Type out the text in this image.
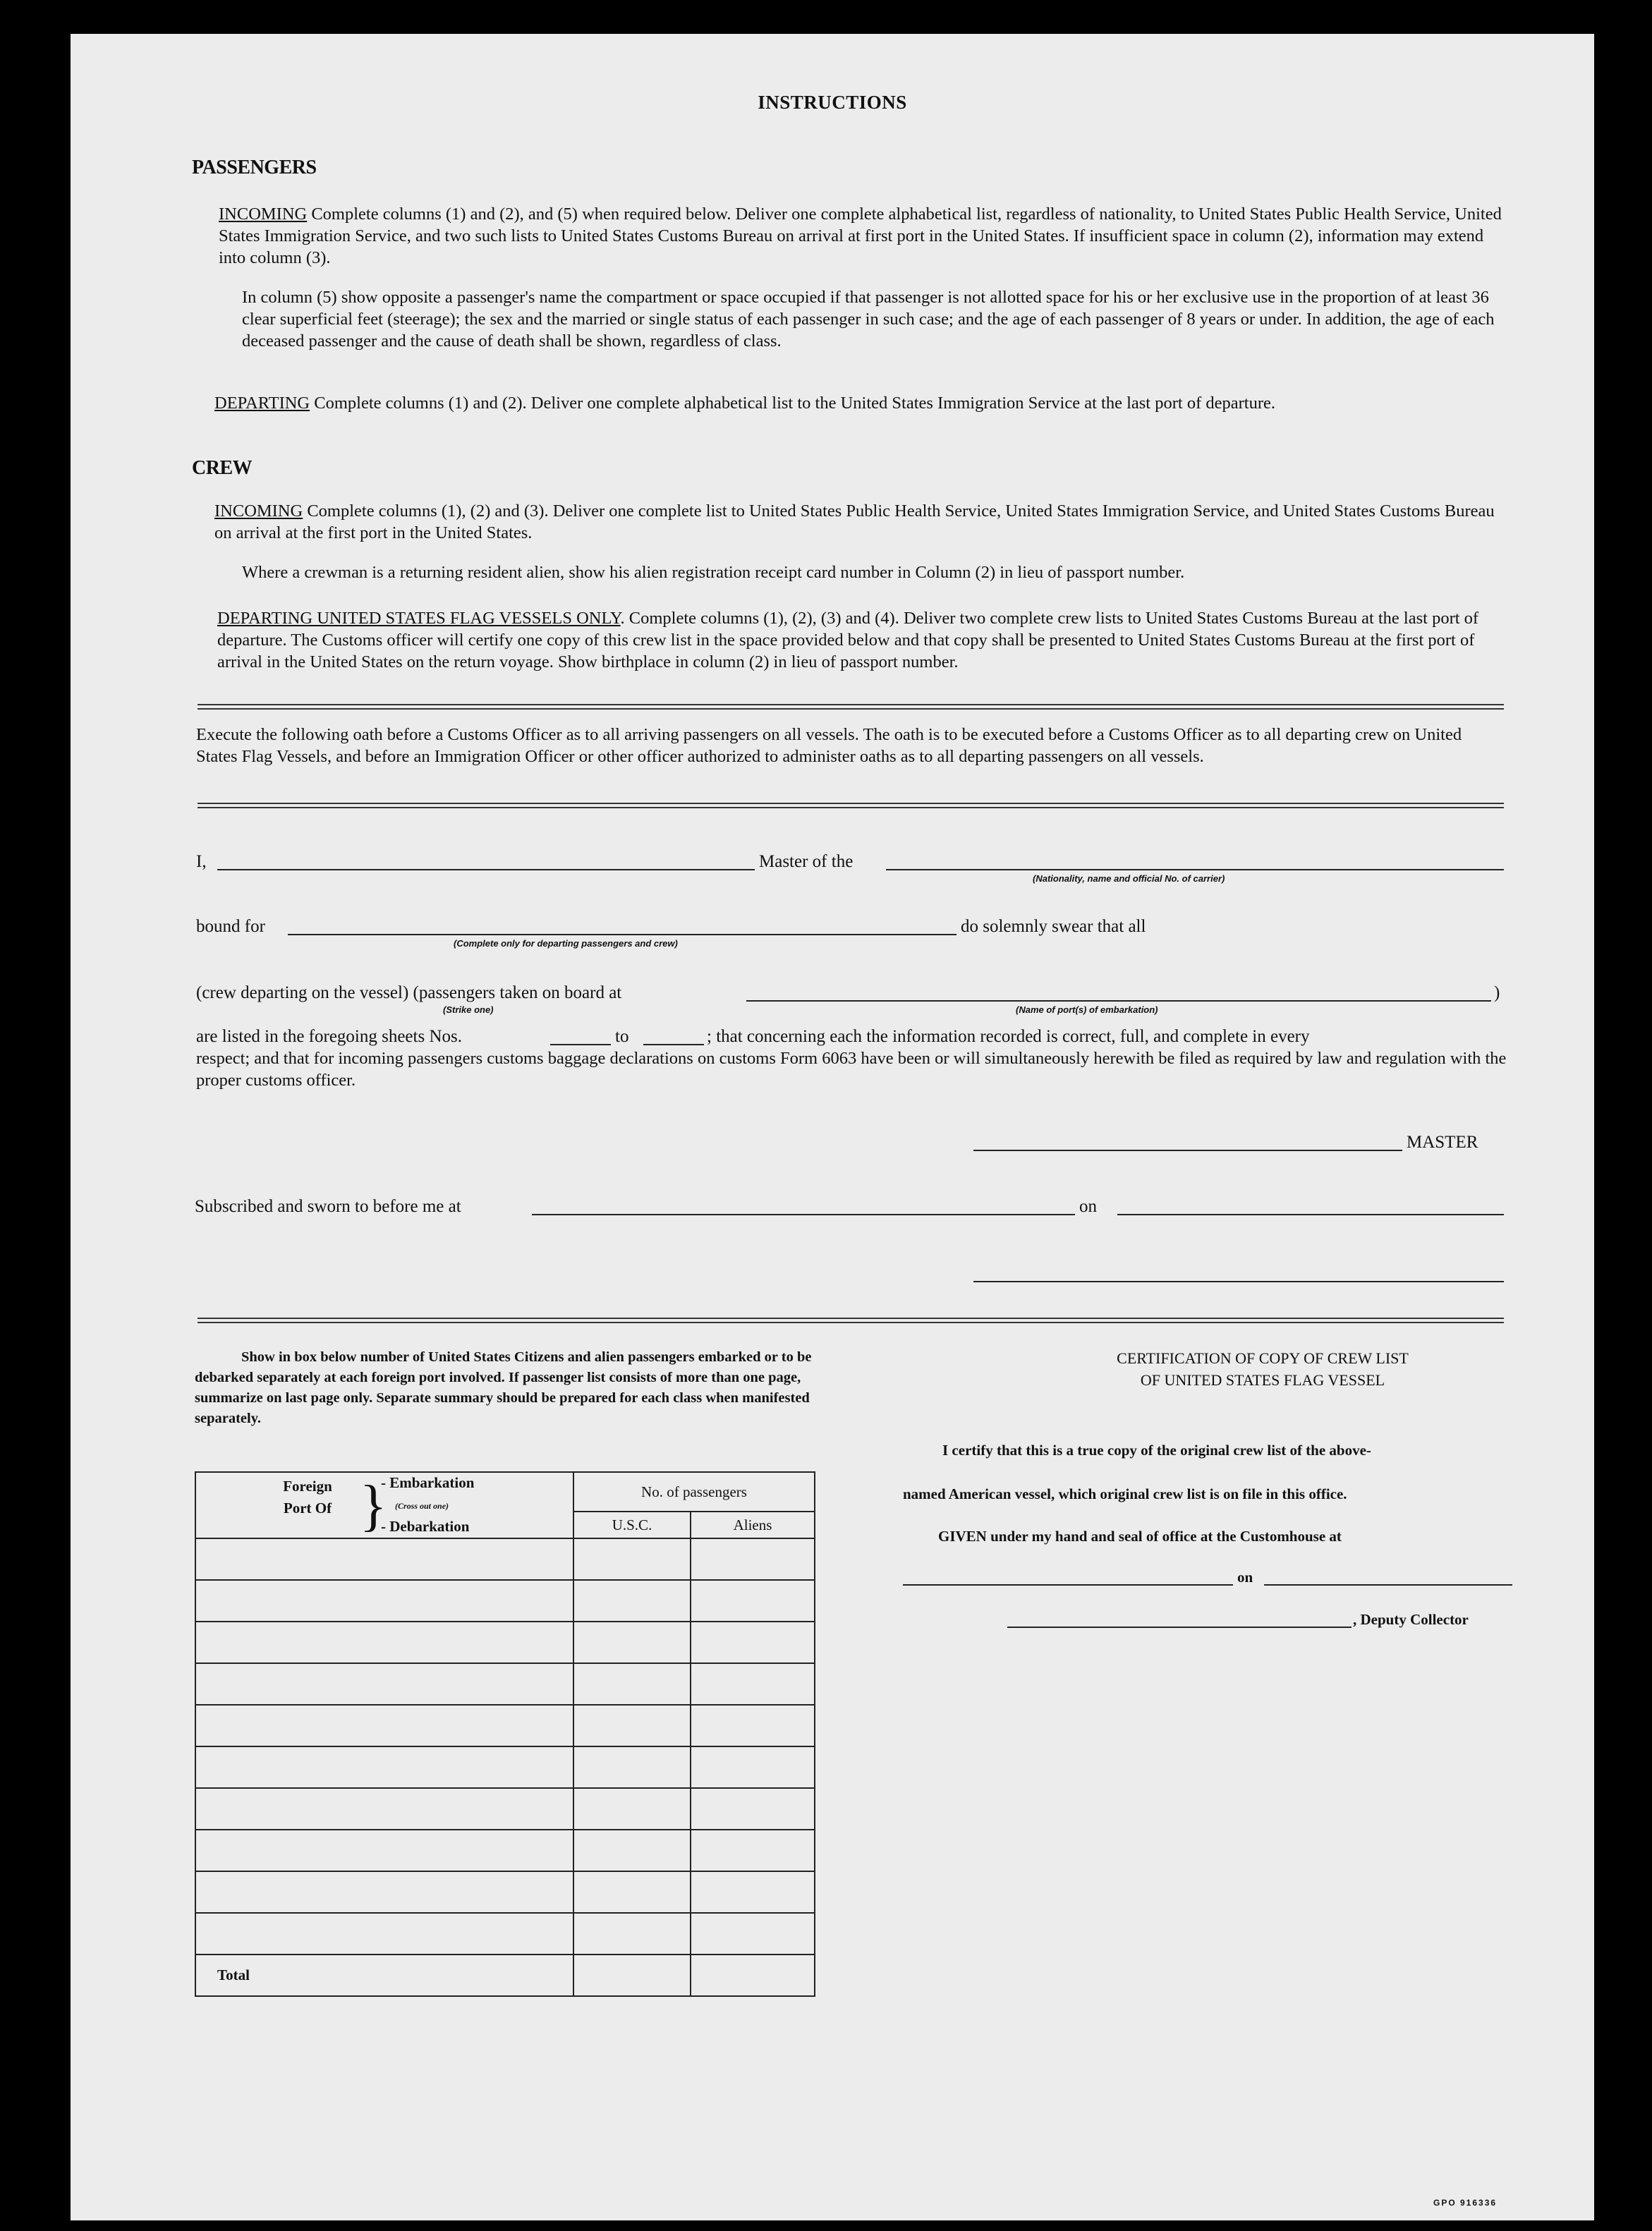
INSTRUCTIONS
PASSENGERS
INCOMING Complete columns (1) and (2), and (5) when required below. Deliver one complete alphabetical list, regardless of nationality, to United States Public Health Service, United States Immigration Service, and two such lists to United States Customs Bureau on arrival at first port in the United States. If insufficient space in column (2), information may extend into column (3).
In column (5) show opposite a passenger's name the compartment or space occupied if that passenger is not allotted space for his or her exclusive use in the proportion of at least 36 clear superficial feet (steerage); the sex and the married or single status of each passenger in such case; and the age of each passenger of 8 years or under. In addition, the age of each deceased passenger and the cause of death shall be shown, regardless of class.
DEPARTING Complete columns (1) and (2). Deliver one complete alphabetical list to the United States Immigration Service at the last port of departure.
CREW
INCOMING Complete columns (1), (2) and (3). Deliver one complete list to United States Public Health Service, United States Immigration Service, and United States Customs Bureau on arrival at the first port in the United States.
Where a crewman is a returning resident alien, show his alien registration receipt card number in Column (2) in lieu of passport number.
DEPARTING UNITED STATES FLAG VESSELS ONLY. Complete columns (1), (2), (3) and (4). Deliver two complete crew lists to United States Customs Bureau at the last port of departure. The Customs officer will certify one copy of this crew list in the space provided below and that copy shall be presented to United States Customs Bureau at the first port of arrival in the United States on the return voyage. Show birthplace in column (2) in lieu of passport number.
Execute the following oath before a Customs Officer as to all arriving passengers on all vessels. The oath is to be executed before a Customs Officer as to all departing crew on United States Flag Vessels, and before an Immigration Officer or other officer authorized to administer oaths as to all departing passengers on all vessels.
I,	Master of the
(Nationality, name and official No. of carrier)
bound for
(Complete only for departing passengers and crew)
do solemnly swear that all
(crew departing on the vessel) (passengers taken on board at	)
(Strike one)	(Name of port(s) of embarkation)
are listed in the foregoing sheets Nos.	to	; that concerning each the information recorded is correct, full, and complete in every
respect; and that for incoming passengers customs baggage declarations on customs Form 6063 have been or will simultaneously herewith be filed as required by law and regulation with the proper customs officer.
MASTER
Subscribed and sworn to before me at	on
Show in box below number of United States Citizens and alien passengers embarked or to be debarked separately at each foreign port involved. If passenger list consists of more than one page, summarize on last page only. Separate summary should be prepared for each class when manifested separately.
Foreign Port Of }
- Embarkation
(Cross out one)
- Debarkation	No. of passengers	
	U.S.C.	Aliens

Total		
CERTIFICATION OF COPY OF CREW LIST
OF UNITED STATES FLAG VESSEL
I certify that this is a true copy of the original crew list of the above-
named American vessel, which original crew list is on file in this office.
GIVEN under my hand and seal of office at the Customhouse at
on
, Deputy Collector
GPO 916336
